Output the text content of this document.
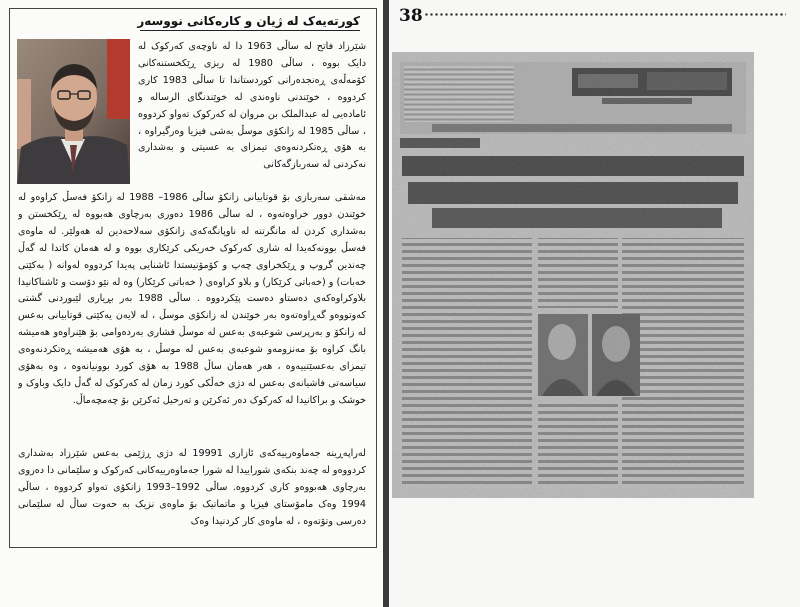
کورتەیەک لە ژیان و کارەکانی نووسەر
شێرزاد فاتح لە ساڵی 1963 دا لە ناوچەی کەرکوک لە دایک بووە ، ساڵی 1980 لە ریزی ڕێکخستنەکانی کۆمەڵەی ڕەنجدەرانی کوردستاندا تا ساڵی 1983 کاری کردووە ، خوێندنی ناوەندی لە خوێندنگای الرساله و ئامادەیی لە عبدالملک بن مروان لە کەرکوک تەواو کردووە ، ساڵی 1985 لە زانکۆی موسڵ بەشی فیزیا وەرگیراوە ، بە هۆی ڕەتکردنەوەی تیمزای بە عسیتی و بەشداری نەکردنی لە سەربازگەکانی
مەشقی سەربازی بۆ قوتابیانی زانکۆ ساڵی 1986– 1988 لە زانکۆ فەسڵ کراوەو لە خوێندن دوور خراوەتەوە ، لە ساڵی 1986 دەوری بەرچاوی هەبووە لە ڕێکخستن و بەشداری کردن لە مانگرتنە لە ناوپانگەکەی زانکۆی سەلاحەدین لە هەولێر. لە ماوەی فەسڵ بوونەکەیدا لە شاری کەرکوک خەریکی کرێکاری بووە و لە هەمان کاتدا لە گەڵ چەندین گروپ و ڕێکخراوی چەپ و کۆمۆنیستدا ئاشنایی پەیدا کردووە لەوانە ( بەکێتی خەبات) و (خەباتی کرێکار) و بلاو کراوەی ( خەباتی کرێکار) وە لە نێو دۆست و ئاشناکانیدا بلاوکراوەکەی دەستاو دەست پێکردووە . ساڵی 1988 بەر بڕیاری لێبوردنی گشتی کەوتووەو گەڕاوەتەوە بەر خوێندن لە زانکۆی موسڵ ، لە لایەن یەکێتی قوتابیانی بەعس لە زانکۆ و بەرپرسی شوعبەی بەعس لە موسڵ فشاری بەردەوامی بۆ هێنراوەو هەمیشە بانگ کراوە بۆ مەنزومەو شوعبەی بەعس لە موسڵ ، بە هۆی هەمیشە ڕەتکردنەوەی تیمزای بەعسێتییەوە ، هەر هەمان ساڵ 1988 بە هۆی کورد بوونیانەوە ، وە بەهۆی سیاسەتی فاشیانەی بەعس لە دژی خەڵکی کورد زمان لە کەرکوک لە گەڵ دایک وباوک و خوشک و براکانیدا لە کەرکوک دەر ئەکرێن و تەرحیل ئەکرێن بۆ چەمچەماڵ.
لەراپەڕینە جەماوەرییەکەی ئازاری 19991 لە دژی ڕژێمی بەعس شێرزاد بەشداری کردووەو لە چەند بنکەی شوراییدا لە شورا جەماوەرییەکانی کەرکوک و سلێمانی دا دەروی بەرچاوی هەبووەو کاری کردووە. ساڵی 1992–1993 زانکۆی تەواو کردووە ، ساڵی 1994 وەک مامۆستای فیزیا و ماتماتیک بۆ ماوەی نزیک بە حەوت ساڵ لە سلێمانی دەرسی وتۆتەوە ، لە ماوەی کار کردنیدا وەک
38
